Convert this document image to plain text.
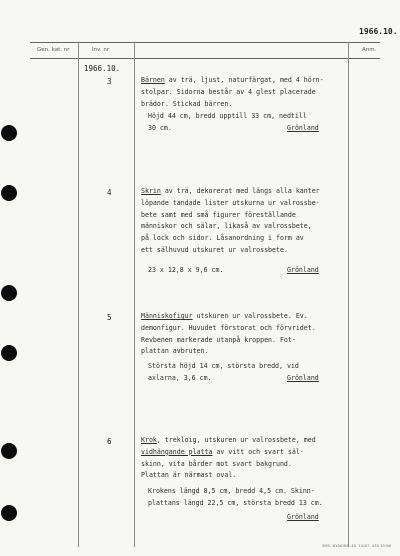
1966.10.
Gen. kat. nr	Inv. nr	Anm.
1966.10.
3	Bärnen av trä, ljust, naturfärgat, med 4 hörn-
stolpar. Sidorna består av 4 glest placerade
brädor. Stickad bärren.
Höjd 44 cm, bredd upptill 33 cm, nedtill
30 cm.	Grönland
4	Skrin av trä, dekorerat med längs alla kanter
löpande tandade lister utskurna ur valrossbe-
bete samt med små figurer föreställande
människor och sälar, likaså av valrossbete,
på lock och sidor. Låsanordning i form av
ett sälhuvud utskuret ur valrossbete.
23 x 12,8 x 9,6 cm.	Grönland
5	Människofigur utskuren ur valrossbete. Ev.
demonfigur. Huvudet förstorat och förvridet.
Revbenen markerade utanpå kroppen. Fot-
plattan avbruten.
Största höjd 14 cm, största bredd, vid
axlarna, 3,6 cm.	Grönland
6	Krok, trekloig, utskuren ur valrossbete, med
vidhängande platta av vitt och svart säl-
skinn, vita bårder mot svart bakgrund.
Plattan är närmast oval.
Krokens längd 8,5 cm, bredd 4,5 cm. Skinn-
plattans längd 22,5 cm, största bredd 13 cm.
Grönland
SMS. NYAKIRA: 46. 10/67. 435 10 66
